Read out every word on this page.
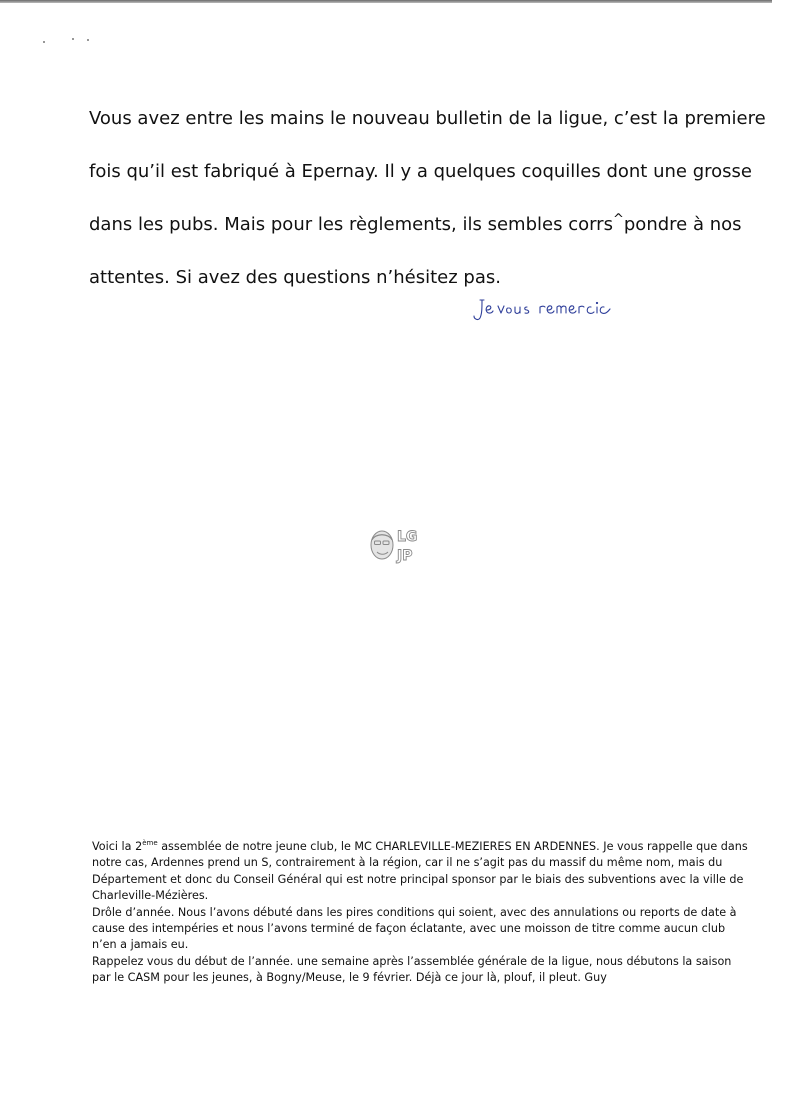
Vous avez entre les mains le nouveau bulletin de la ligue, c’est la premiere

fois qu’il est fabriqué à Epernay. Il y a quelques coquilles dont une grosse

dans les pubs. Mais pour les règlements, ils sembles corrs^pondre à nos

attentes. Si avez des questions n’hésitez pas.

LG
JP

Voici la 2ème assemblée de notre jeune club, le MC CHARLEVILLE-MEZIERES EN ARDENNES. Je vous rappelle que dans notre cas, Ardennes prend un S, contrairement à la région, car il ne s’agit pas du massif du même nom, mais du Département et donc du Conseil Général qui est notre principal sponsor par le biais des subventions avec la ville de Charleville-Mézières.

Drôle d’année. Nous l’avons débuté dans les pires conditions qui soient, avec des annulations ou reports de date à cause des intempéries et nous l’avons terminé de façon éclatante, avec une moisson de titre comme aucun club n’en a jamais eu.

Rappelez vous du début de l’année. une semaine après l’assemblée générale de la ligue, nous débutons la saison par le CASM pour les jeunes, à Bogny/Meuse, le 9 février. Déjà ce jour là, plouf, il pleut. Guy
